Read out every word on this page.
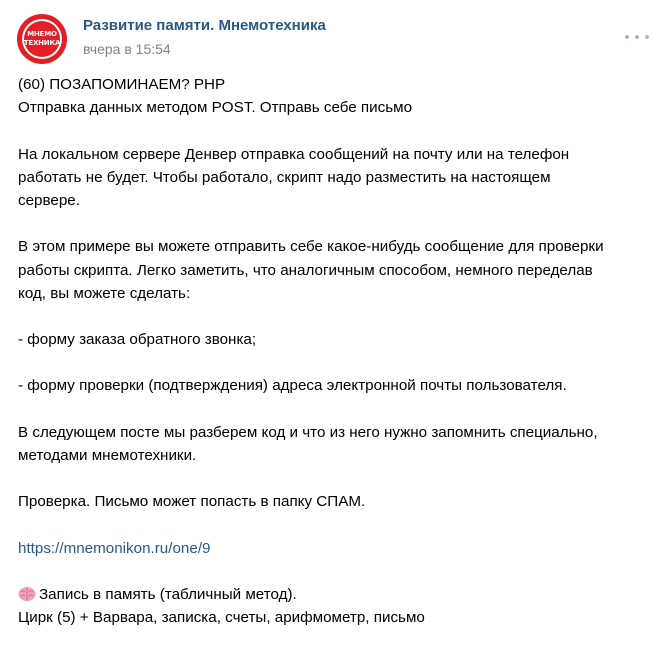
МНЕМО
ТЕХНИКА
Развитие памяти. Мнемотехника
вчера в 15:54
(60) ПОЗАПОМИНАЕМ? PHP
Отправка данных методом POST. Отправь себе письмо
На локальном сервере Денвер отправка сообщений на почту или на телефон
работать не будет. Чтобы работало, скрипт надо разместить на настоящем
сервере.
В этом примере вы можете отправить себе какое-нибудь сообщение для проверки
работы скрипта. Легко заметить, что аналогичным способом, немного переделав
код, вы можете сделать:
- форму заказа обратного звонка;
- форму проверки (подтверждения) адреса электронной почты пользователя.
В следующем посте мы разберем код и что из него нужно запомнить специально,
методами мнемотехники.
Проверка. Письмо может попасть в папку СПАМ.
https://mnemonikon.ru/one/9
Запись в память (табличный метод).
Цирк (5) + Варвара, записка, счеты, арифмометр, письмо
